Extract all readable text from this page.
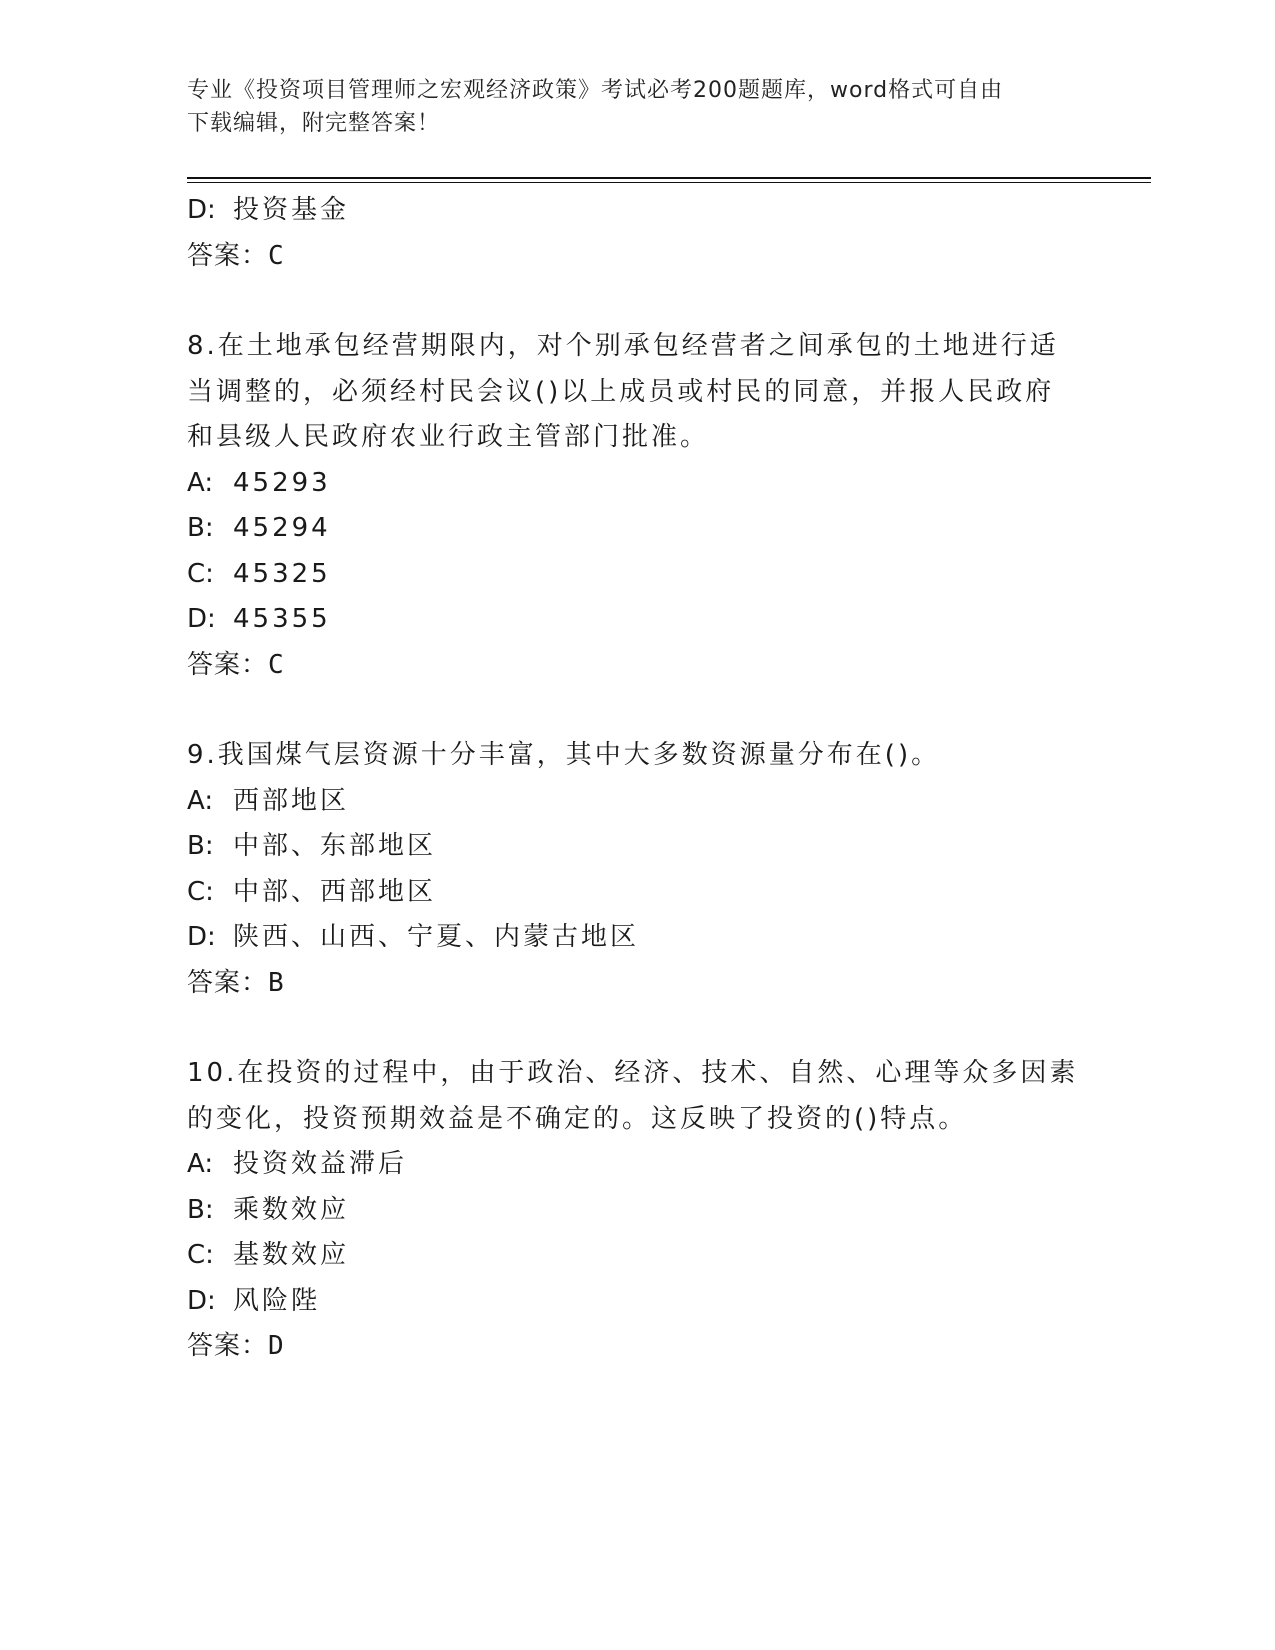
专业《投资项目管理师之宏观经济政策》考试必考200题题库，word格式可自由
下载编辑，附完整答案！
D: 投资基金
答案：C
8.在土地承包经营期限内，对个别承包经营者之间承包的土地进行适
当调整的，必须经村民会议()以上成员或村民的同意，并报人民政府
和县级人民政府农业行政主管部门批准。
A: 45293
B: 45294
C: 45325
D: 45355
答案：C
9.我国煤气层资源十分丰富，其中大多数资源量分布在()。
A: 西部地区
B: 中部、东部地区
C: 中部、西部地区
D: 陕西、山西、宁夏、内蒙古地区
答案：B
10.在投资的过程中，由于政治、经济、技术、自然、心理等众多因素
的变化，投资预期效益是不确定的。这反映了投资的()特点。
A: 投资效益滞后
B: 乘数效应
C: 基数效应
D: 风险陛
答案：D
